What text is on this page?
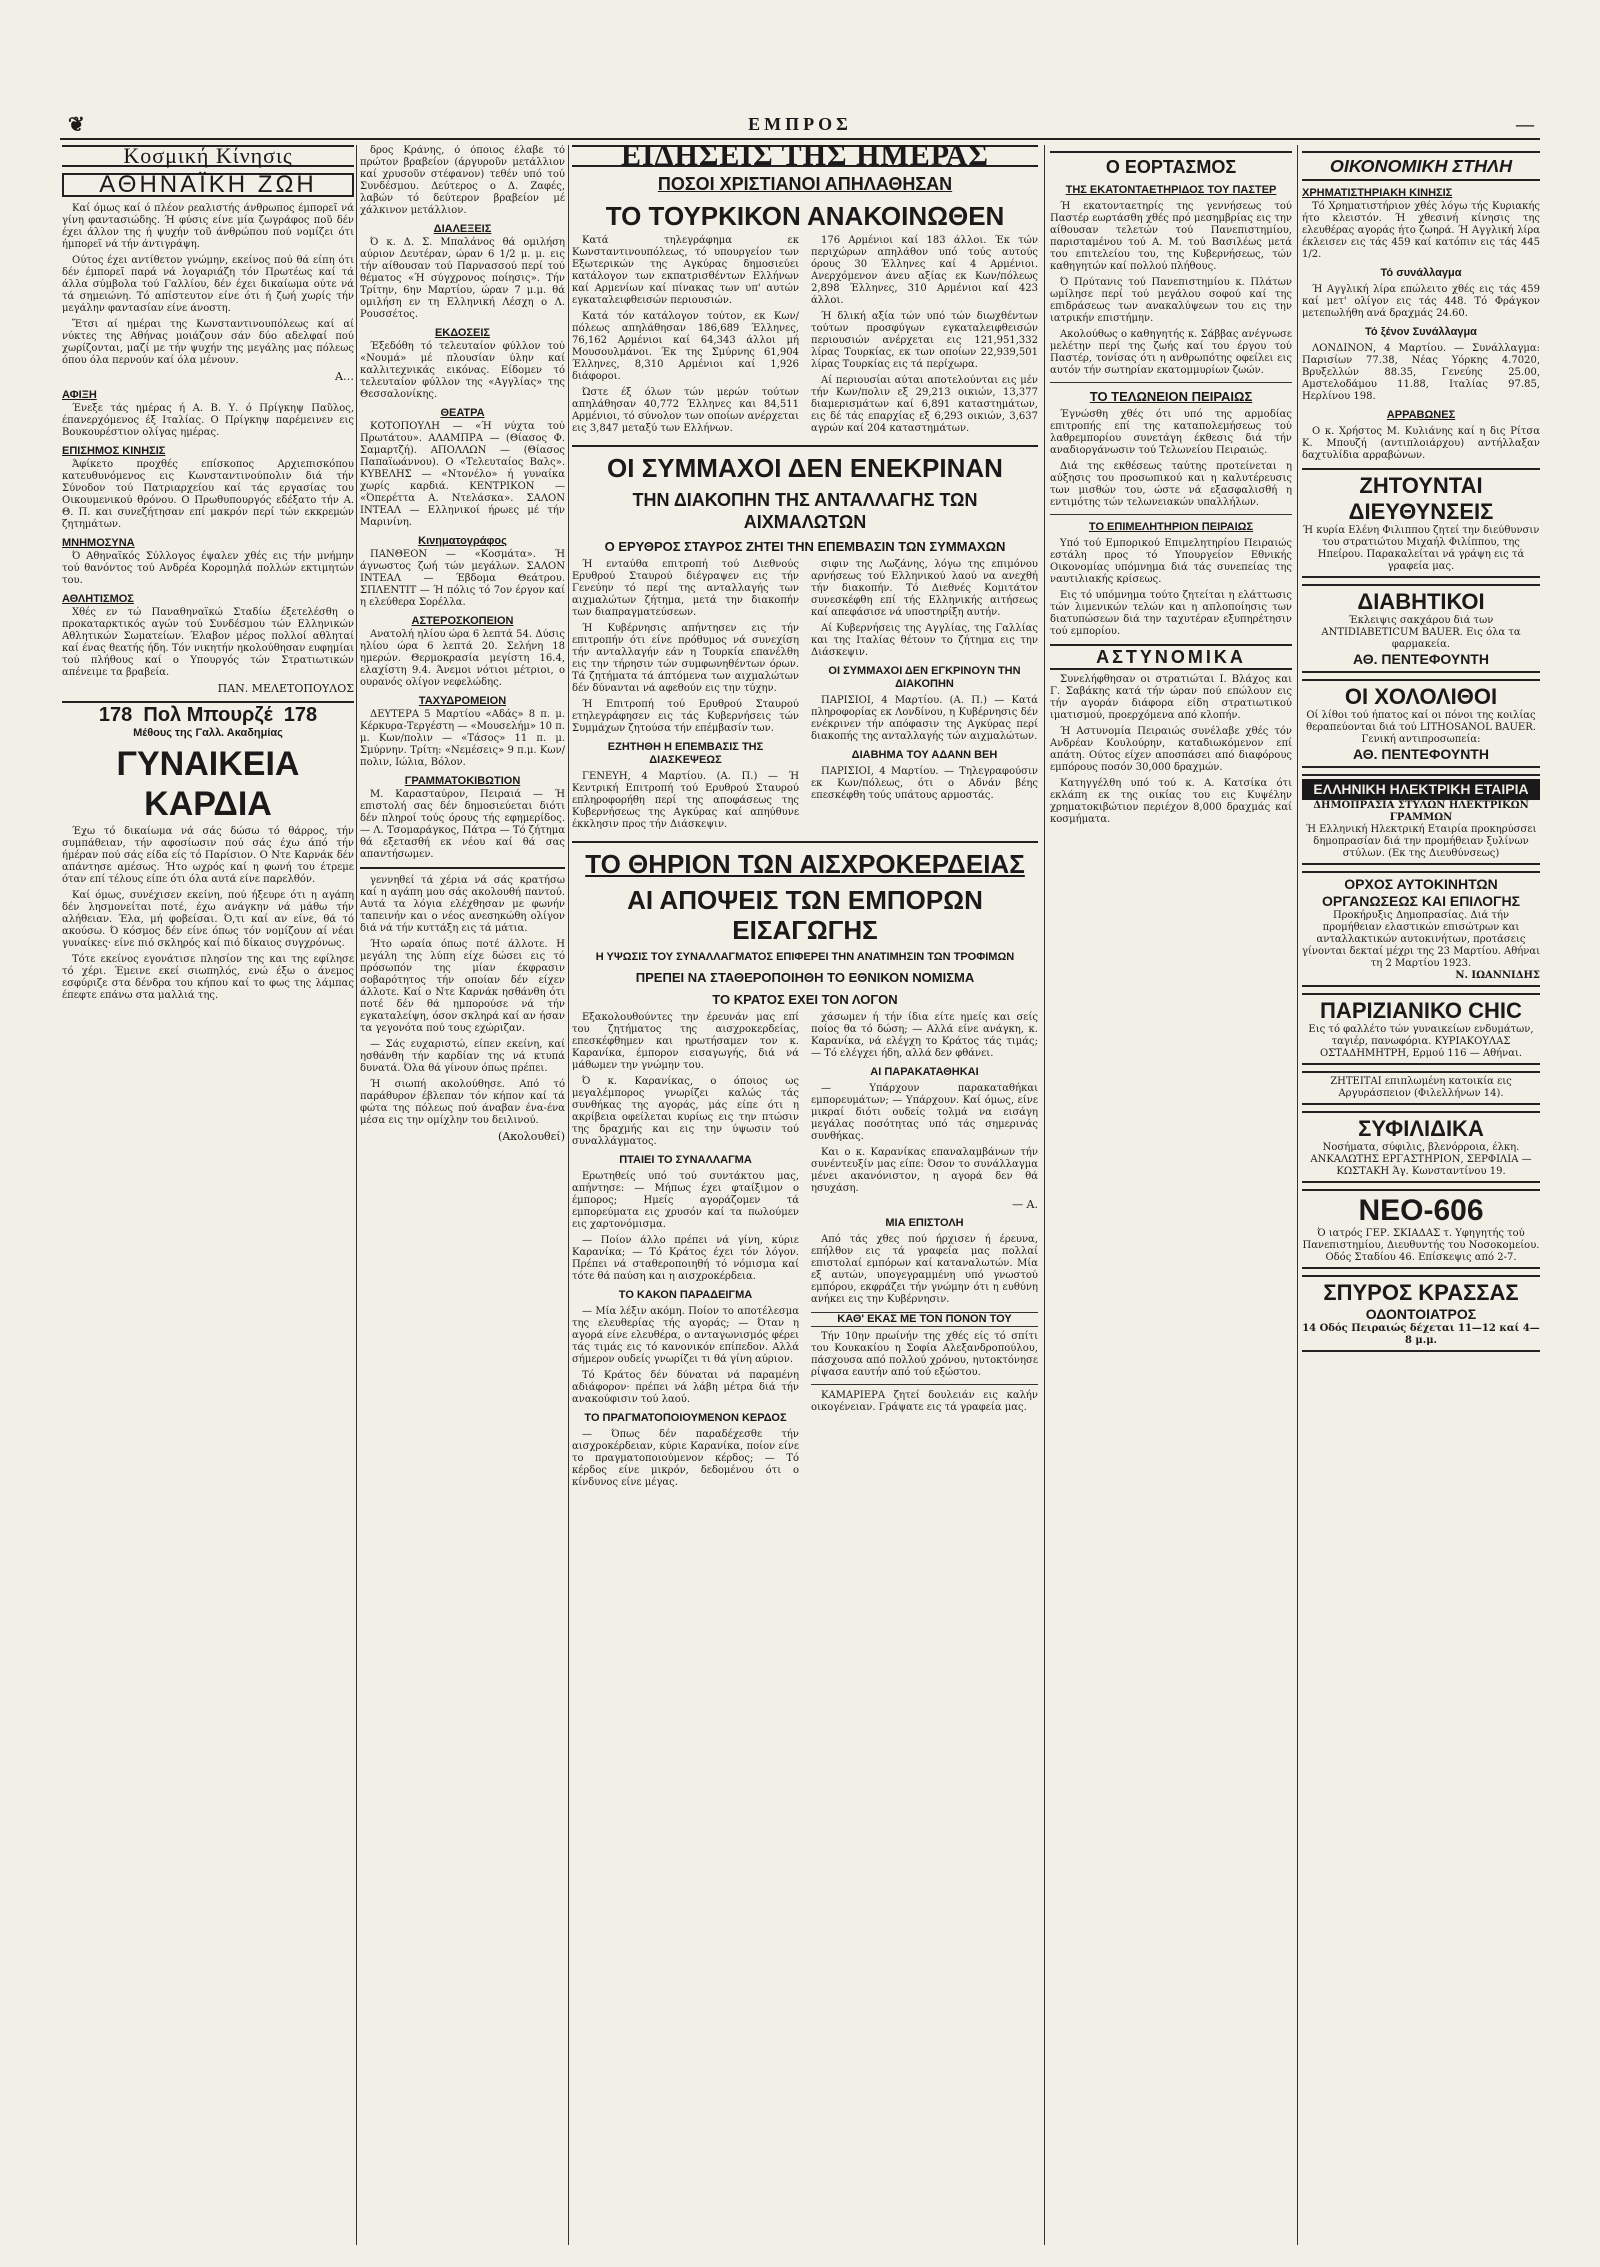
❦	ΕΜΠΡΟΣ	—
Κοσμική Κίνησις
ΑΘΗΝΑΪΚΗ ΖΩΗ

Καί όμως καί ό πλέον ρεαλιστής άνθρωπος έμπορεῖ νά γίνη φαντασιώδης. Ή φύσις είνε μία ζωγράφος ποῦ δέν έχει άλλον της ή ψυχήν τοῦ άνθρώπου πού νομίζει ότι ήμπορεῖ νά τήν άντιγράψη.

Ούτος έχει αντίθετον γνώμην, εκείνος πού θά είπη ότι δέν έμπορεῖ παρά νά λογαριάζη τόν Πρωτέως καί τά άλλα σύμβολα τού Γαλλίου, δέν έχει δικαίωμα ούτε νά τά σημειώνη. Τό απίστευτον είνε ότι ή ζωή χωρίς τήν μεγάλην φαντασίαν είνε άνοστη.

Ἔτσι αί ημέραι της Κωνσταντινουπόλεως καί αί νύκτες της Αθήνας μοιάζουν σάν δύο αδελφαί πού χωρίζονται, μαζί με τήν ψυχήν της μεγάλης μας πόλεως όπου όλα περνούν καί όλα μένουν.

Α…
ΑΦΙΞΗ

Ένεξε τάς ημέρας ή Α. Β. Υ. ό Πρίγκηψ Παῦλος, έπανερχόμενος έξ Ιταλίας. Ο Πρίγκηψ παρέμεινεν εις Βουκουρέστιον ολίγας ημέρας.

ΕΠΙΣΗΜΟΣ ΚΙΝΗΣΙΣ

Άφίκετο προχθές επίσκοπος Αρχιεπισκόπου κατευθυνόμενος εις Κωνσταντινούπολιν διά τήν Σύνοδον τού Πατριαρχείου καί τάς εργασίας του Οικουμενικού θρόνου. Ο Πρωθυπουργός εδέξατο τήν Α. Θ. Π. και συνεζήτησαν επί μακρόν περί τών εκκρεμών ζητημάτων.

ΜΝΗΜΟΣΥΝΑ

Ό Αθηναϊκός Σύλλογος έψαλεν χθές εις τήν μνήμην τού θανόντος τού Ανδρέα Κορομηλά πολλών εκτιμητών του.

ΑΘΛΗΤΙΣΜΟΣ

Χθές εν τώ Παναθηναϊκώ Σταδίω έξετελέσθη ο προκαταρκτικός αγών τού Συνδέσμου τών Ελληνικών Αθλητικών Σωματείων. Έλαβον μέρος πολλοί αθληταί καί ένας θεατής ήδη. Τόν νικητήν ηκολούθησαν ευφημίαι τού πλήθους καί ο Υπουργός τών Στρατιωτικών απένειμε τα βραβεία.

ΠΑΝ. ΜΕΛΕΤΟΠΟΥΛΟΣ
178 Πολ Μπουρζέ 178
Μέθους της Γαλλ. Ακαδημίας
ΓΥΝΑΙΚΕΙΑ ΚΑΡΔΙΑ

Έχω τό δικαίωμα νά σάς δώσω τό θάρρος, τήν συμπάθειαν, τήν αφοσίωσιν πού σάς έχω άπό τήν ήμέραν πού σάς είδα είς τό Παρίσιον. Ο Ντε Καρνάκ δέν απάντησε αμέσως. Ήτο ωχρός καί η φωνή του έτρεμε όταν επί τέλους είπε ότι όλα αυτά είνε παρελθόν.

Καί όμως, συνέχισεν εκείνη, πού ήξευρε ότι η αγάπη δέν λησμονείται ποτέ, έχω ανάγκην νά μάθω τήν αλήθειαν. Έλα, μή φοβείσαι. Ό,τι καί αν είνε, θά τό ακούσω. Ό κόσμος δέν είνε όπως τόν νομίζουν αί νέαι γυναίκες· είνε πιό σκληρός καί πιό δίκαιος συγχρόνως.

Τότε εκείνος εγονάτισε πλησίον της και της εφίλησε τό χέρι. Έμεινε εκεί σιωπηλός, ενώ έξω ο άνεμος εσφύριζε στα δένδρα του κήπου καί το φως της λάμπας έπεφτε επάνω στα μαλλιά της.

δρος Κράνης, ό όποιος έλαβε τό πρώτον βραβείον (άργυροῦν μετάλλιον καί χρυσοῦν στέφανον) τεθέν υπό τού Συνδέσμου. Δεύτερος ο Δ. Ζαφές, λαβών τό δεύτερον βραβείον μέ χάλκινον μετάλλιον.

ΔΙΑΛΕΞΕΙΣ

Ό κ. Δ. Σ. Μπαλάνος θά ομιλήση αύριον Δευτέραν, ώραν 6 1/2 μ. μ. εις τήν αίθουσαν τού Παρνασσού περί τού θέματος «Ή σύγχρονος ποίησις». Τήν Τρίτην, 6ην Μαρτίου, ώραν 7 μ.μ. θά ομιλήση εν τη Ελληνική Λέσχη ο Λ. Ρουσσέτος.

ΕΚΔΟΣΕΙΣ

Έξεδόθη τό τελευταίον φύλλον τού «Νουμά» μέ πλουσίαν ύλην καί καλλιτεχνικάς εικόνας. Είδομεν τό τελευταίον φύλλον της «Αγγλίας» της Θεσσαλονίκης.

ΘΕΑΤΡΑ

ΚΟΤΟΠΟΥΛΗ — «Ή νύχτα τού Πρωτάτου». ΑΛΑΜΠΡΑ — (Θίασος Φ. Σαμαρτζή). ΑΠΟΛΛΩΝ — (Θίασος Παπαϊωάννου). Ο «Τελευταίος Βαλς». ΚΥΒΕΛΗΣ — «Ντονέλο» ή γυναίκα χωρίς καρδιά. ΚΕΝΤΡΙΚΟΝ — «Όπερέττα Α. Ντελάσκα». ΣΑΛΟΝ ΙΝΤΕΑΛ — Ελληνικοί ήρωες μέ τήν Μαρινίνη.

Κινηματογράφος

ΠΑΝΘΕΟΝ — «Κοσμάτα». Ή άγνωστος ζωή τών μεγάλων. ΣΑΛΟΝ ΙΝΤΕΑΛ — Έβδομα Θεάτρου. ΣΠΛΕΝΤΙΤ — Ή πόλις τό 7ον έργον καί η ελεύθερα Σορέλλα.

ΑΣΤΕΡΟΣΚΟΠΕΙΟΝ

Ανατολή ηλίου ώρα 6 λεπτά 54. Δύσις ηλίου ώρα 6 λεπτά 20. Σελήνη 18 ημερών. Θερμοκρασία μεγίστη 16.4, ελαχίστη 9.4. Άνεμοι νότιοι μέτριοι, ο ουρανός ολίγον νεφελώδης.

ΤΑΧΥΔΡΟΜΕΙΟΝ

ΔΕΥΤΕΡΑ 5 Μαρτίου «Αδάς» 8 π. μ. Κέρκυρα-Τεργέστη — «Μουσελήμ» 10 π. μ. Κων/πολιν — «Τάσος» 11 π. μ. Σμύρνην. Τρίτη: «Νεμέσεις» 9 π.μ. Κων/πολιν, Ιώλια, Βόλον.

ΓΡΑΜΜΑΤΟΚΙΒΩΤΙΟΝ

Μ. Καρασταύρον, Πειραιά — Ή επιστολή σας δέν δημοσιεύεται διότι δέν πληροί τούς όρους τής εφημερίδος. — Λ. Τσομαράγκος, Πάτρα — Τό ζήτημα θά εξετασθή εκ νέου καί θά σας απαντήσωμεν.

γεννηθεί τά χέρια νά σάς κρατήσω καί η αγάπη μου σάς ακολουθή παντού. Αυτά τα λόγια ελέχθησαν με φωνήν ταπεινήν και ο νέος ανεσηκώθη ολίγον διά νά τήν κυττάξη εις τά μάτια.

Ήτο ωραία όπως ποτέ άλλοτε. Η μεγάλη της λύπη είχε δώσει εις τό πρόσωπόν της μίαν έκφρασιν σοβαρότητος τήν οποίαν δέν είχεν άλλοτε. Καί ο Ντε Καρνάκ ησθάνθη ότι ποτέ δέν θά ημπορούσε νά τήν εγκαταλείψη, όσον σκληρά καί αν ήσαν τα γεγονότα πού τους εχώριζαν.

— Σάς ευχαριστώ, είπεν εκείνη, καί ησθάνθη τήν καρδίαν της νά κτυπά δυνατά. Όλα θά γίνουν όπως πρέπει.

Ή σιωπή ακολούθησε. Από τό παράθυρον έβλεπαν τόν κήπον καί τά φώτα της πόλεως πού άναβαν ένα-ένα μέσα εις την ομίχλην του δειλινού.

(Ακολουθεί)
ΕΙΔΗΣΕΙΣ ΤΗΣ ΗΜΕΡΑΣ
ΠΟΣΟΙ ΧΡΙΣΤΙΑΝΟΙ ΑΠΗΛΑΘΗΣΑΝ
ΤΟ ΤΟΥΡΚΙΚΟΝ ΑΝΑΚΟΙΝΩΘΕΝ

Κατά τηλεγράφημα εκ Κωνσταντινουπόλεως, τό υπουργείον των Εξωτερικών της Αγκύρας δημοσιεύει κατάλογον των εκπατρισθέντων Ελλήνων καί Αρμενίων καί πίνακας των υπ' αυτών εγκαταλειφθεισών περιουσιών.

Κατά τόν κατάλογον τούτον, εκ Κων/πόλεως απηλάθησαν 186,689 Έλληνες, 76,162 Αρμένιοι καί 64,343 άλλοι μή Μουσουλμάνοι. Έκ της Σμύρνης 61,904 Έλληνες, 8,310 Αρμένιοι καί 1,926 διάφοροι.

Ώστε έξ όλων τών μερών τούτων απηλάθησαν 40,772 Έλληνες και 84,511 Αρμένιοι, τό σύνολον των οποίων ανέρχεται εις 3,847 μεταξύ των Ελλήνων.

176 Αρμένιοι καί 183 άλλοι. Έκ τών περιχώρων απηλάθον υπό τούς αυτούς όρους 30 Έλληνες καί 4 Αρμένιοι. Ανερχόμενον άνευ αξίας εκ Κων/πόλεως 2,898 Έλληνες, 310 Αρμένιοι καί 423 άλλοι.

Ή δλική αξία τών υπό τών διωχθέντων τούτων προσφύγων εγκαταλειφθεισών περιουσιών ανέρχεται εις 121,951,332 λίρας Τουρκίας, εκ των οποίων 22,939,501 λίρας Τουρκίας εις τά περίχωρα.

Αί περιουσίαι αύται αποτελούνται εις μέν τήν Κων/πολιν εξ 29,213 οικιών, 13,377 διαμερισμάτων καί 6,891 καταστημάτων, εις δέ τάς επαρχίας εξ 6,293 οικιών, 3,637 αγρών καί 204 καταστημάτων.

ΟΙ ΣΥΜΜΑΧΟΙ ΔΕΝ ΕΝΕΚΡΙΝΑΝ
ΤΗΝ ΔΙΑΚΟΠΗΝ ΤΗΣ ΑΝΤΑΛΛΑΓΗΣ ΤΩΝ ΑΙΧΜΑΛΩΤΩΝ
Ο ΕΡΥΘΡΟΣ ΣΤΑΥΡΟΣ ΖΗΤΕΙ ΤΗΝ ΕΠΕΜΒΑΣΙΝ ΤΩΝ ΣΥΜΜΑΧΩΝ

Ή ενταύθα επιτροπή τού Διεθνούς Ερυθρού Σταυρού διέγραψεν εις τήν Γενεύην τό περί της ανταλλαγής των αιχμαλώτων ζήτημα, μετά την διακοπήν των διαπραγματεύσεων.

Ή Κυβέρνησις απήντησεν εις τήν επιτροπήν ότι είνε πρόθυμος νά συνεχίση τήν ανταλλαγήν εάν η Τουρκία επανέλθη εις την τήρησιν τών συμφωνηθέντων όρων. Τά ζητήματα τά άπτόμενα των αιχμαλώτων δέν δύνανται νά αφεθούν εις την τύχην.

Ή Επιτροπή τού Ερυθρού Σταυρού ετηλεγράφησεν εις τάς Κυβερνήσεις τών Συμμάχων ζητούσα τήν επέμβασίν των.

ΕΖΗΤΗΘΗ Η ΕΠΕΜΒΑΣΙΣ ΤΗΣ ΔΙΑΣΚΕΨΕΩΣ

ΓΕΝΕΥΗ, 4 Μαρτίου. (Α. Π.) — Ή Κεντρική Επιτροπή τού Ερυθρού Σταυρού επληροφορήθη περί της αποφάσεως της Κυβερνήσεως της Αγκύρας καί απηύθυνε έκκλησιν προς τήν Διάσκεψιν.

σιφιν της Λωζάνης, λόγω της επιμόνου αρνήσεως τού Ελληνικού λαού να ανεχθή τήν διακοπήν. Τό Διεθνές Κομιτάτον συνεσκέφθη επί τής Ελληνικής αιτήσεως καί απεφάσισε νά υποστηρίξη αυτήν.

Αί Κυβερνήσεις της Αγγλίας, της Γαλλίας και της Ιταλίας θέτουν το ζήτημα εις την Διάσκεψιν.

ΟΙ ΣΥΜΜΑΧΟΙ ΔΕΝ ΕΓΚΡΙΝΟΥΝ ΤΗΝ ΔΙΑΚΟΠΗΝ

ΠΑΡΙΣΙΟΙ, 4 Μαρτίου. (Α. Π.) — Κατά πληροφορίας εκ Λονδίνου, η Κυβέρνησις δέν ενέκρινεν τήν απόφασιν της Αγκύρας περί διακοπής της ανταλλαγής τών αιχμαλώτων.

ΔΙΑΒΗΜΑ ΤΟΥ ΑΔΑΝΝ ΒΕΗ

ΠΑΡΙΣΙΟΙ, 4 Μαρτίου. — Τηλεγραφούσιν εκ Κων/πόλεως, ότι ο Αδνάν βέης επεσκέφθη τούς υπάτους αρμοστάς.

ΤΟ ΘΗΡΙΟΝ ΤΩΝ ΑΙΣΧΡΟΚΕΡΔΕΙΑΣ
ΑΙ ΑΠΟΨΕΙΣ ΤΩΝ ΕΜΠΟΡΩΝ ΕΙΣΑΓΩΓΗΣ
Η ΥΨΩΣΙΣ ΤΟΥ ΣΥΝΑΛΛΑΓΜΑΤΟΣ ΕΠΙΦΕΡΕΙ ΤΗΝ ΑΝΑΤΙΜΗΣΙΝ ΤΩΝ ΤΡΟΦΙΜΩΝ
ΠΡΕΠΕΙ ΝΑ ΣΤΑΘΕΡΟΠΟΙΗΘΗ ΤΟ ΕΘΝΙΚΟΝ ΝΟΜΙΣΜΑ
ΤΟ ΚΡΑΤΟΣ ΕΧΕΙ ΤΟΝ ΛΟΓΟΝ

Εξακολουθούντες την έρευνάν μας επί του ζητήματος της αισχροκερδείας, επεσκέφθημεν και ηρωτήσαμεν τον κ. Καρανίκα, έμπορον εισαγωγής, διά νά μάθωμεν την γνώμην του.

Ό κ. Καρανίκας, ο όποιος ως μεγαλέμπορος γνωρίζει καλώς τάς συνθήκας της αγοράς, μάς είπε ότι η ακρίβεια οφείλεται κυρίως εις την πτώσιν της δραχμής και εις την ύψωσιν τού συναλλάγματος.

ΠΤΑΙΕΙ ΤΟ ΣΥΝΑΛΛΑΓΜΑ

Ερωτηθείς υπό τού συντάκτου μας, απήντησε: — Μήπως έχει φταίξιμον ο έμπορος; Ημείς αγοράζομεν τά εμπορεύματα εις χρυσόν καί τα πωλούμεν εις χαρτονόμισμα.

— Ποίον άλλο πρέπει νά γίνη, κύριε Καρανίκα; — Τό Κράτος έχει τόν λόγον. Πρέπει νά σταθεροποιηθή τό νόμισμα καί τότε θά παύση και η αισχροκέρδεια.

ΤΟ ΚΑΚΟΝ ΠΑΡΑΔΕΙΓΜΑ

— Μία λέξιν ακόμη. Ποίον το αποτέλεσμα της ελευθερίας τής αγοράς; — Όταν η αγορά είνε ελευθέρα, ο ανταγωνισμός φέρει τάς τιμάς εις τό κανονικόν επίπεδον. Αλλά σήμερον ουδείς γνωρίζει τι θά γίνη αύριον.

Τό Κράτος δέν δύναται νά παραμένη αδιάφορον· πρέπει νά λάβη μέτρα διά τήν ανακούφισιν τού λαού.

ΤΟ ΠΡΑΓΜΑΤΟΠΟΙΟΥΜΕΝΟΝ ΚΕΡΔΟΣ

— Όπως δέν παραδέχεσθε τήν αισχροκέρδειαν, κύριε Καρανίκα, ποίον είνε το πραγματοποιούμενον κέρδος; — Τό κέρδος είνε μικρόν, δεδομένου ότι ο κίνδυνος είνε μέγας.

χάσωμεν ή τήν ίδια είτε ημείς και σείς ποίος θα τό δώση; — Αλλά είνε ανάγκη, κ. Καρανίκα, νά ελέγχη το Κράτος τάς τιμάς; — Τό ελέγχει ήδη, αλλά δεν φθάνει.

ΑΙ ΠΑΡΑΚΑΤΑΘΗΚΑΙ

— Υπάρχουν παρακαταθήκαι εμπορευμάτων; — Υπάρχουν. Καί όμως, είνε μικραί διότι ουδείς τολμά να εισάγη μεγάλας ποσότητας υπό τάς σημερινάς συνθήκας.

Και ο κ. Καρανίκας επαναλαμβάνων τήν συνέντευξίν μας είπε: Όσον το συνάλλαγμα μένει ακανόνιστον, η αγορά δεν θά ησυχάση.

— Α.
ΜΙΑ ΕΠΙΣΤΟΛΗ

Από τάς χθες πού ήρχισεν ή έρευνα, επήλθον εις τά γραφεία μας πολλαί επιστολαί εμπόρων καί καταναλωτών. Μία εξ αυτών, υπογεγραμμένη υπό γνωστού εμπόρου, εκφράζει τήν γνώμην ότι η ευθύνη ανήκει εις την Κυβέρνησιν.

ΚΑΘ' ΕΚΑΣ ΜΕ ΤΟΝ ΠΟΝΟΝ ΤΟΥ

Τήν 10ην πρωίνήν της χθές είς τό σπίτι του Κουκακίου η Σοφία Αλεξανδροπούλου, πάσχουσα από πολλού χρόνου, ηυτοκτόνησε ρίψασα εαυτήν από τού εξώστου.

ΚΑΜΑΡΙΕΡΑ ζητεί δουλειάν εις καλήν οικογένειαν. Γράψατε εις τά γραφεία μας.

Ο ΕΟΡΤΑΣΜΟΣ
ΤΗΣ ΕΚΑΤΟΝΤΑΕΤΗΡΙΔΟΣ ΤΟΥ ΠΑΣΤΕΡ

Ή εκατονταετηρίς της γεννήσεως τού Παστέρ εωρτάσθη χθές πρό μεσημβρίας εις την αίθουσαν τελετών τού Πανεπιστημίου, παρισταμένου τού Α. Μ. τού Βασιλέως μετά του επιτελείου του, της Κυβερνήσεως, τών καθηγητών καί πολλού πλήθους.

Ό Πρύτανις τού Πανεπιστημίου κ. Πλάτων ωμίλησε περί τού μεγάλου σοφού καί της επιδράσεως των ανακαλύψεων του εις την ιατρικήν επιστήμην.

Ακολούθως ο καθηγητής κ. Σάββας ανέγνωσε μελέτην περί της ζωής καί του έργου τού Παστέρ, τονίσας ότι η ανθρωπότης οφείλει εις αυτόν τήν σωτηρίαν εκατομμυρίων ζωών.

ΤΟ ΤΕΛΩΝΕΙΟΝ ΠΕΙΡΑΙΩΣ

Έγνώσθη χθές ότι υπό της αρμοδίας επιτροπής επί της καταπολεμήσεως τού λαθρεμπορίου συνετάγη έκθεσις διά τήν αναδιοργάνωσιν τού Τελωνείου Πειραιώς.

Διά της εκθέσεως ταύτης προτείνεται η αύξησις του προσωπικού και η καλυτέρευσις των μισθών του, ώστε νά εξασφαλισθή η εντιμότης τών τελωνειακών υπαλλήλων.

ΤΟ ΕΠΙΜΕΛΗΤΗΡΙΟΝ ΠΕΙΡΑΙΩΣ

Υπό τού Εμπορικού Επιμελητηρίου Πειραιώς εστάλη προς τό Υπουργείον Εθνικής Οικονομίας υπόμνημα διά τάς συνεπείας της ναυτιλιακής κρίσεως.

Εις τό υπόμνημα τούτο ζητείται η ελάττωσις τών λιμενικών τελών και η απλοποίησις των διατυπώσεων διά την ταχυτέραν εξυπηρέτησιν τού εμπορίου.

ΑΣΤΥΝΟΜΙΚΑ

Συνελήφθησαν οι στρατιώται Ι. Βλάχος και Γ. Σαβάκης κατά τήν ώραν πού επώλουν εις τήν αγοράν διάφορα είδη στρατιωτικού ιματισμού, προερχόμενα από κλοπήν.

Ή Αστυνομία Πειραιώς συνέλαβε χθές τόν Ανδρέαν Κουλούρην, καταδιωκόμενον επί απάτη. Ούτος είχεν αποσπάσει από διαφόρους εμπόρους ποσόν 30,000 δραχμών.

Κατηγγέλθη υπό τού κ. Α. Κατσίκα ότι εκλάπη εκ της οικίας του εις Κυψέλην χρηματοκιβώτιον περιέχον 8,000 δραχμάς καί κοσμήματα.

ΟΙΚΟΝΟΜΙΚΗ ΣΤΗΛΗ
ΧΡΗΜΑΤΙΣΤΗΡΙΑΚΗ ΚΙΝΗΣΙΣ

Τό Χρηματιστήριον χθές λόγω τής Κυριακής ήτο κλειστόν. Ή χθεσινή κίνησις της ελευθέρας αγοράς ήτο ζωηρά. Ή Αγγλική λίρα έκλεισεν εις τάς 459 καί κατόπιν εις τάς 445 1/2.

Τό συνάλλαγμα

Ή Αγγλική λίρα επώλειτο χθές εις τάς 459 καί μετ' ολίγον εις τάς 448. Τό Φράγκον μετεπωλήθη ανά δραχμάς 24.60.

Τό ξένον Συνάλλαγμα

ΛΟΝΔΙΝΟΝ, 4 Μαρτίου. — Συνάλλαγμα: Παρισίων 77.38, Νέας Υόρκης 4.7020, Βρυξελλών 88.35, Γενεύης 25.00, Αμστελοδάμου 11.88, Ιταλίας 97.85, Ηερλίνου 198.

ΑΡΡΑΒΩΝΕΣ

Ο κ. Χρήστος Μ. Κυλιάνης καί η δις Ρίτσα Κ. Μπουζή (αντιπλοιάρχου) αντήλλαξαν δαχτυλίδια αρραβώνων.

ΖΗΤΟΥΝΤΑΙ ΔΙΕΥΘΥΝΣΕΙΣ
Ή κυρία Ελένη Φιλιππου ζητεί την διεύθυνσιν του στρατιώτου Μιχαήλ Φιλίππου, της Ηπείρου. Παρακαλείται νά γράψη εις τά γραφεία μας.
ΔΙΑΒΗΤΙΚΟΙ
Έκλειψις σακχάρου διά των ANTIDIABETICUM BAUER. Εις όλα τα φαρμακεία.
ΑΘ. ΠΕΝΤΕΦΟΥΝΤΗ
ΟΙ ΧΟΛΟΛΙΘΟΙ
Οί λίθοι τού ήπατος καί οι πόνοι της κοιλίας θεραπεύονται διά τού LITHOSANOL BAUER. Γενική αντιπροσωπεία:
ΑΘ. ΠΕΝΤΕΦΟΥΝΤΗ
ΕΛΛΗΝΙΚΗ ΗΛΕΚΤΡΙΚΗ ΕΤΑΙΡΙΑ
ΔΗΜΟΠΡΑΣΙΑ ΣΤΥΛΩΝ ΗΛΕΚΤΡΙΚΩΝ ΓΡΑΜΜΩΝ
Ή Ελληνική Ηλεκτρική Εταιρία προκηρύσσει δημοπρασίαν διά την προμήθειαν ξυλίνων στύλων. (Εκ της Διευθύνσεως)
ΟΡΧΟΣ ΑΥΤΟΚΙΝΗΤΩΝ
ΟΡΓΑΝΩΣΕΩΣ ΚΑΙ ΕΠΙΛΟΓΗΣ
Προκήρυξις Δημοπρασίας. Διά τήν προμήθειαν ελαστικών επισώτρων και ανταλλακτικών αυτοκινήτων, προτάσεις γίνονται δεκταί μέχρι της 23 Μαρτίου. Αθήναι τη 2 Μαρτίου 1923.
Ν. ΙΩΑΝΝΙΔΗΣ
ΠΑΡΙΖΙΑΝΙΚΟ CHIC
Εις τό φαλλέτο τών γυναικείων ενδυμάτων, ταγιέρ, πανωφόρια. ΚΥΡΙΑΚΟΥΛΑΣ ΟΣΤΑΔΗΜΗΤΡΗ, Ερμού 116 — Αθήναι.
ΖΗΤΕΙΤΑΙ επιπλωμένη κατοικία εις Αργυράσπειον (Φιλελλήνων 14).
ΣΥΦΙΛΙΔΙΚΑ
Νοσήματα, σύφιλις, βλενόρροια, έλκη. ΑΝΚΑΛΩΤΗΣ ΕΡΓΑΣΤΗΡΙΟΝ, ΣΕΡΦΙΛΙΑ — ΚΩΣΤΑΚΗ Άγ. Κωνσταντίνου 19.
ΝΕΟ-606
Ό ιατρός ΓΕΡ. ΣΚΙΑΔΑΣ τ. Υφηγητής τού Πανεπιστημίου, Διευθυντής του Νοσοκομείου. Οδός Σταδίου 46. Επίσκεψις από 2-7.
ΣΠΥΡΟΣ ΚΡΑΣΣΑΣ
ΟΔΟΝΤΟΙΑΤΡΟΣ
14 Οδός Πειραιώς δέχεται 11—12 καί 4—8 μ.μ.
